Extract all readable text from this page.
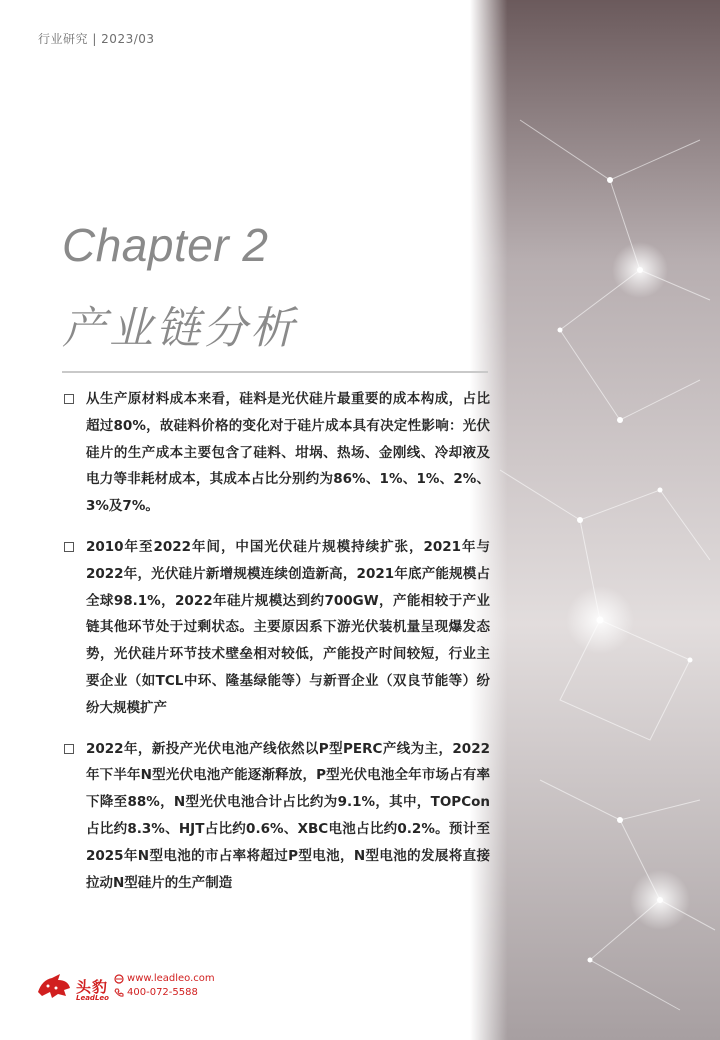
行业研究 | 2023/03
Chapter 2
产业链分析
从生产原材料成本来看，硅料是光伏硅片最重要的成本构成，占比超过80%，故硅料价格的变化对于硅片成本具有决定性影响：光伏硅片的生产成本主要包含了硅料、坩埚、热场、金刚线、冷却液及电力等非耗材成本，其成本占比分别约为86%、1%、1%、2%、3%及7%。
2010年至2022年间，中国光伏硅片规模持续扩张，2021年与2022年，光伏硅片新增规模连续创造新高，2021年底产能规模占全球98.1%，2022年硅片规模达到约700GW，产能相较于产业链其他环节处于过剩状态。主要原因系下游光伏装机量呈现爆发态势，光伏硅片环节技术壁垒相对较低，产能投产时间较短，行业主要企业（如TCL中环、隆基绿能等）与新晋企业（双良节能等）纷纷大规模扩产
2022年，新投产光伏电池产线依然以P型PERC产线为主，2022年下半年N型光伏电池产能逐渐释放，P型光伏电池全年市场占有率下降至88%，N型光伏电池合计占比约为9.1%，其中，TOPCon占比约8.3%、HJT占比约0.6%、XBC电池占比约0.2%。预计至2025年N型电池的市占率将超过P型电池，N型电池的发展将直接拉动N型硅片的生产制造
头豹
LeadLeo
www.leadleo.com
400-072-5588
